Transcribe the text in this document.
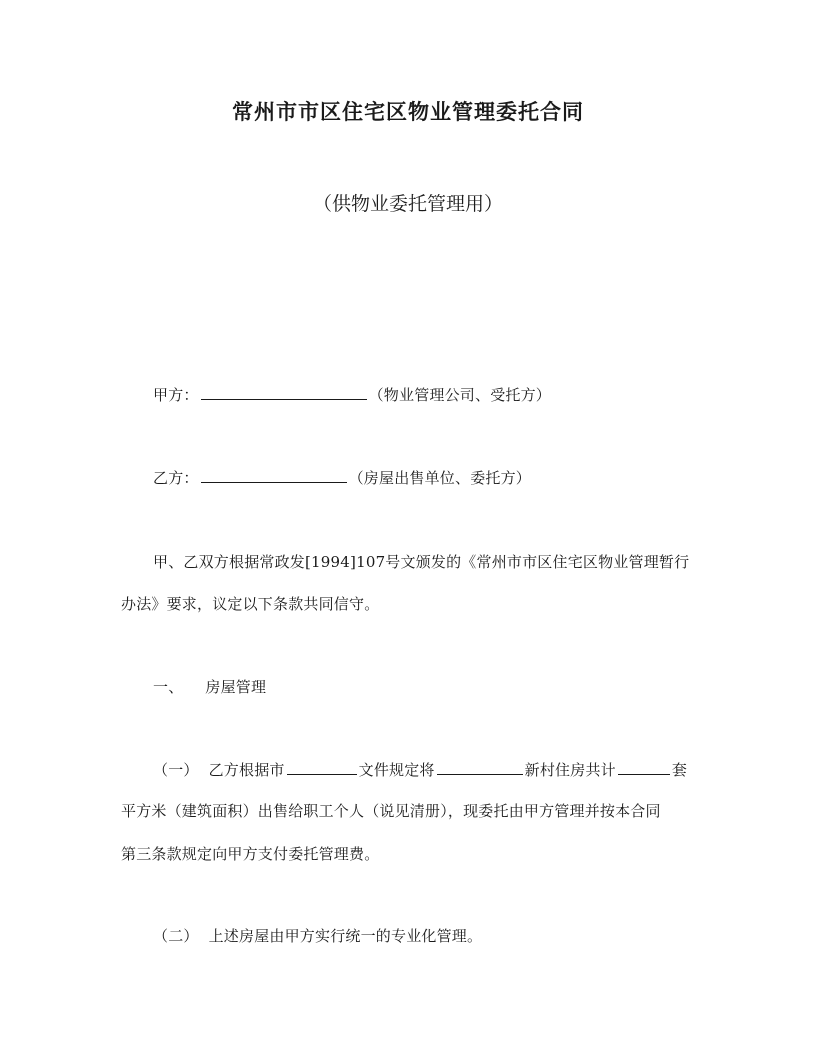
常州市市区住宅区物业管理委托合同
（供物业委托管理用）
甲方：	（物业管理公司、受托方）
乙方：	（房屋出售单位、委托方）
甲、乙双方根据常政发[1994]107号文颁发的《常州市市区住宅区物业管理暂行
办法》要求，议定以下条款共同信守。
一、 房屋管理
（一） 乙方根据市	文件规定将	新村住房共计	套
平方米（建筑面积）出售给职工个人（说见清册），现委托由甲方管理并按本合同
第三条款规定向甲方支付委托管理费。
（二） 上述房屋由甲方实行统一的专业化管理。
